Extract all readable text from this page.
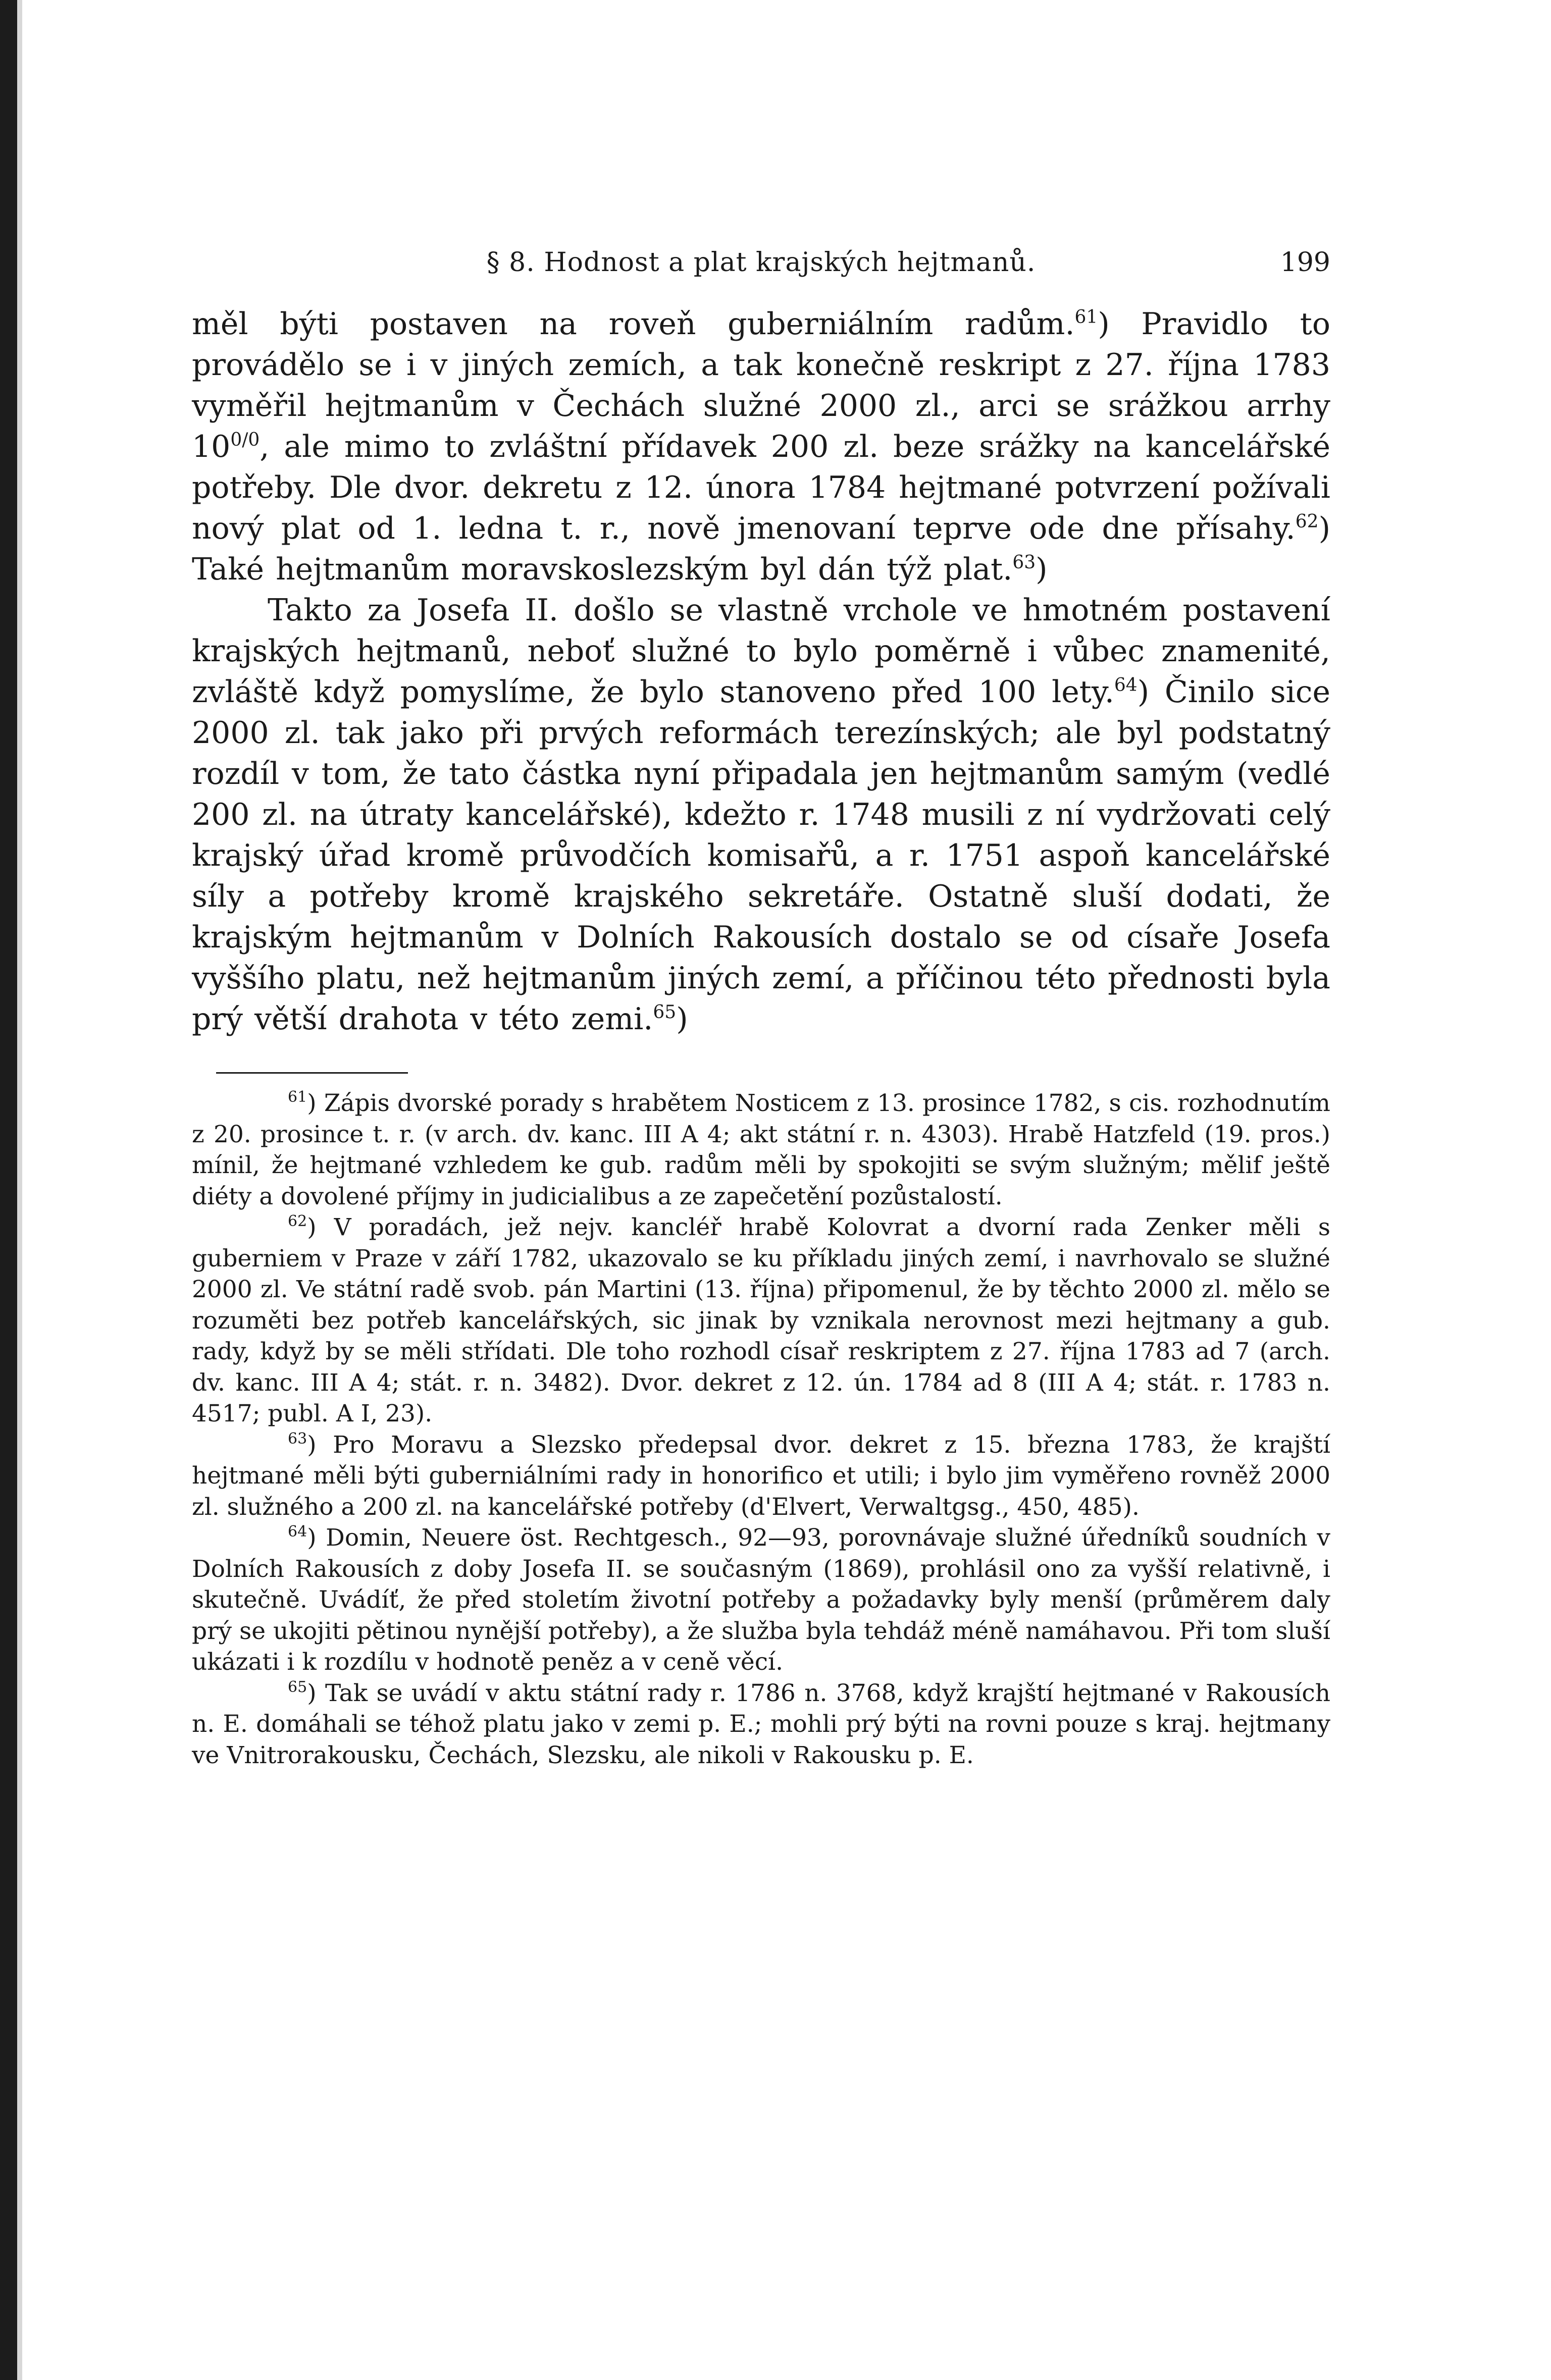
§ 8. Hodnost a plat krajských hejtmanů.	199

měl býti postaven na roveň guberniálním radům.$^{61}$) Pravidlo to provádělo se i v jiných zemích, a tak konečně reskript z 27. října 1783 vyměřil hejtmanům v Čechách služné 2000 zl., arci se srážkou arrhy $10^{0/0}$, ale mimo to zvláštní přídavek 200 zl. beze srážky na kancelářské potřeby. Dle dvor. dekretu z 12. února 1784 hejtmané potvrzení požívali nový plat od 1. ledna t. r., nově jmenovaní teprve ode dne přísahy.$^{62}$) Také hejtmanům moravskoslezským byl dán týž plat.$^{63}$)

Takto za Josefa II. došlo se vlastně vrchole ve hmotném postavení krajských hejtmanů, neboť služné to bylo poměrně i vůbec znamenité, zvláště když pomyslíme, že bylo stanoveno před 100 lety.$^{64}$) Činilo sice 2000 zl. tak jako při prvých reformách terezínských; ale byl podstatný rozdíl v tom, že tato částka nyní připadala jen hejtmanům samým (vedlé 200 zl. na útraty kancelářské), kdežto r. 1748 musili z ní vydržovati celý krajský úřad kromě průvodčích komisařů, a r. 1751 aspoň kancelářské síly a potřeby kromě krajského sekretáře. Ostatně sluší dodati, že krajským hejtmanům v Dolních Rakousích dostalo se od císaře Josefa vyššího platu, než hejtmanům jiných zemí, a příčinou této přednosti byla prý větší drahota v této zemi.$^{65}$)

$^{61}$) Zápis dvorské porady s hrabětem Nosticem z 13. prosince 1782, s cis. rozhodnutím z 20. prosince t. r. (v arch. dv. kanc. III A 4; akt státní r. n. 4303). Hrabě Hatzfeld (19. pros.) mínil, že hejtmané vzhledem ke gub. radům měli by spokojiti se svým služným; mělif ještě diéty a dovolené příjmy in judicialibus a ze zapečetění pozůstalostí.

$^{62}$) V poradách, jež nejv. kancléř hrabě Kolovrat a dvorní rada Zenker měli s guberniem v Praze v září 1782, ukazovalo se ku příkladu jiných zemí, i navrhovalo se služné 2000 zl. Ve státní radě svob. pán Martini (13. října) připomenul, že by těchto 2000 zl. mělo se rozuměti bez potřeb kancelářských, sic jinak by vznikala nerovnost mezi hejtmany a gub. rady, když by se měli střídati. Dle toho rozhodl císař reskriptem z 27. října 1783 ad 7 (arch. dv. kanc. III A 4; stát. r. n. 3482). Dvor. dekret z 12. ún. 1784 ad 8 (III A 4; stát. r. 1783 n. 4517; publ. A I, 23).

$^{63}$) Pro Moravu a Slezsko předepsal dvor. dekret z 15. března 1783, že krajští hejtmané měli býti guberniálními rady in honorifico et utili; i bylo jim vyměřeno rovněž 2000 zl. služného a 200 zl. na kancelářské potřeby (d'Elvert, Verwaltgsg., 450, 485).

$^{64}$) Domin, Neuere öst. Rechtgesch., 92—93, porovnávaje služné úředníků soudních v Dolních Rakousích z doby Josefa II. se současným (1869), prohlásil ono za vyšší relativně, i skutečně. Uvádíť, že před stoletím životní potřeby a požadavky byly menší (průměrem daly prý se ukojiti pětinou nynější potřeby), a že služba byla tehdáž méně namáhavou. Při tom sluší ukázati i k rozdílu v hodnotě peněz a v ceně věcí.

$^{65}$) Tak se uvádí v aktu státní rady r. 1786 n. 3768, když krajští hejtmané v Rakousích n. E. domáhali se téhož platu jako v zemi p. E.; mohli prý býti na rovni pouze s kraj. hejtmany ve Vnitrorakousku, Čechách, Slezsku, ale nikoli v Rakousku p. E.
